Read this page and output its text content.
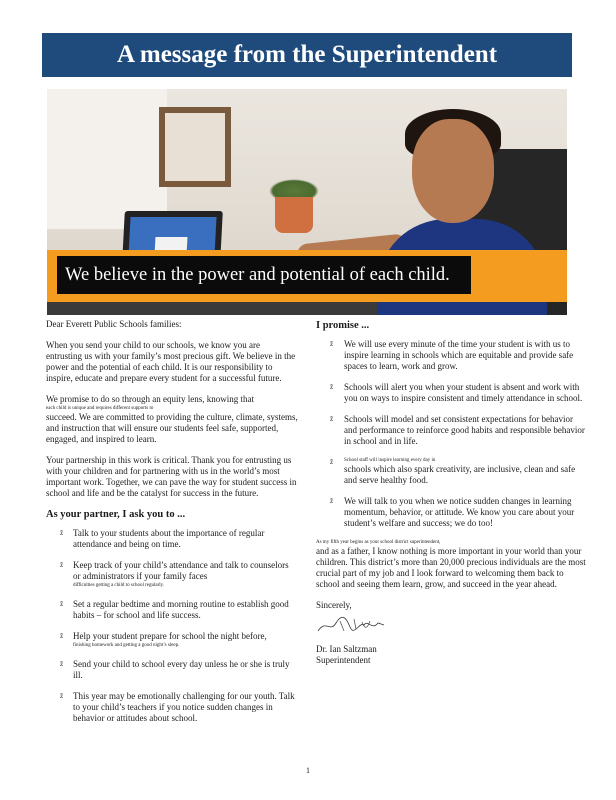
A message from the Superintendent
We believe in the power and potential of each child.

Dear Everett Public Schools families:

When you send your child to our schools, we know you are entrusting us with your family’s most precious gift. We believe in the power and the potential of each child. It is our responsibility to inspire, educate and prepare every student for a successful future.

We promise to do so through an equity lens, knowing that
each child is unique and requires different supports to
succeed. We are committed to providing the culture, climate, systems, and instruction that will ensure our students feel safe, supported, engaged, and inspired to learn.

Your partnership in this work is critical. Thank you for entrusting us with your children and for partnering with us in the world’s most important work. Together, we can pave the way for student success in school and life and be the catalyst for success in the future.

As your partner, I ask you to ...
ž Talk to your students about the importance of regular attendance and being on time.
ž Keep track of your child’s attendance and talk to counselors or administrators if your family faces
difficulties getting a child to school regularly.
ž Set a regular bedtime and morning routine to establish good habits – for school and life success.
ž Help your student prepare for school the night before,
finishing homework and getting a good night’s sleep.
ž Send your child to school every day unless he or she is truly ill.
ž This year may be emotionally challenging for our youth. Talk to your child’s teachers if you notice sudden changes in behavior or attitudes about school.
I promise ...
ž We will use every minute of the time your student is with us to inspire learning in schools which are equitable and provide safe spaces to learn, work and grow.
ž Schools will alert you when your student is absent and work with you on ways to inspire consistent and timely attendance in school.
ž Schools will model and set consistent expectations for behavior and performance to reinforce good habits and responsible behavior in school and in life.
ž School staff will inspire learning every day in
schools which also spark creativity, are inclusive, clean and safe and serve healthy food.
ž We will talk to you when we notice sudden changes in learning momentum, behavior, or attitude. We know you care about your student’s welfare and success; we do too!

As my fifth year begins as your school district superintendent,
and as a father, I know nothing is more important in your world than your children. This district’s more than 20,000 precious individuals are the most crucial part of my job and I look forward to welcoming them back to school and seeing them learn, grow, and succeed in the year ahead.

Sincerely,

Dr. Ian Saltzman
Superintendent
1
